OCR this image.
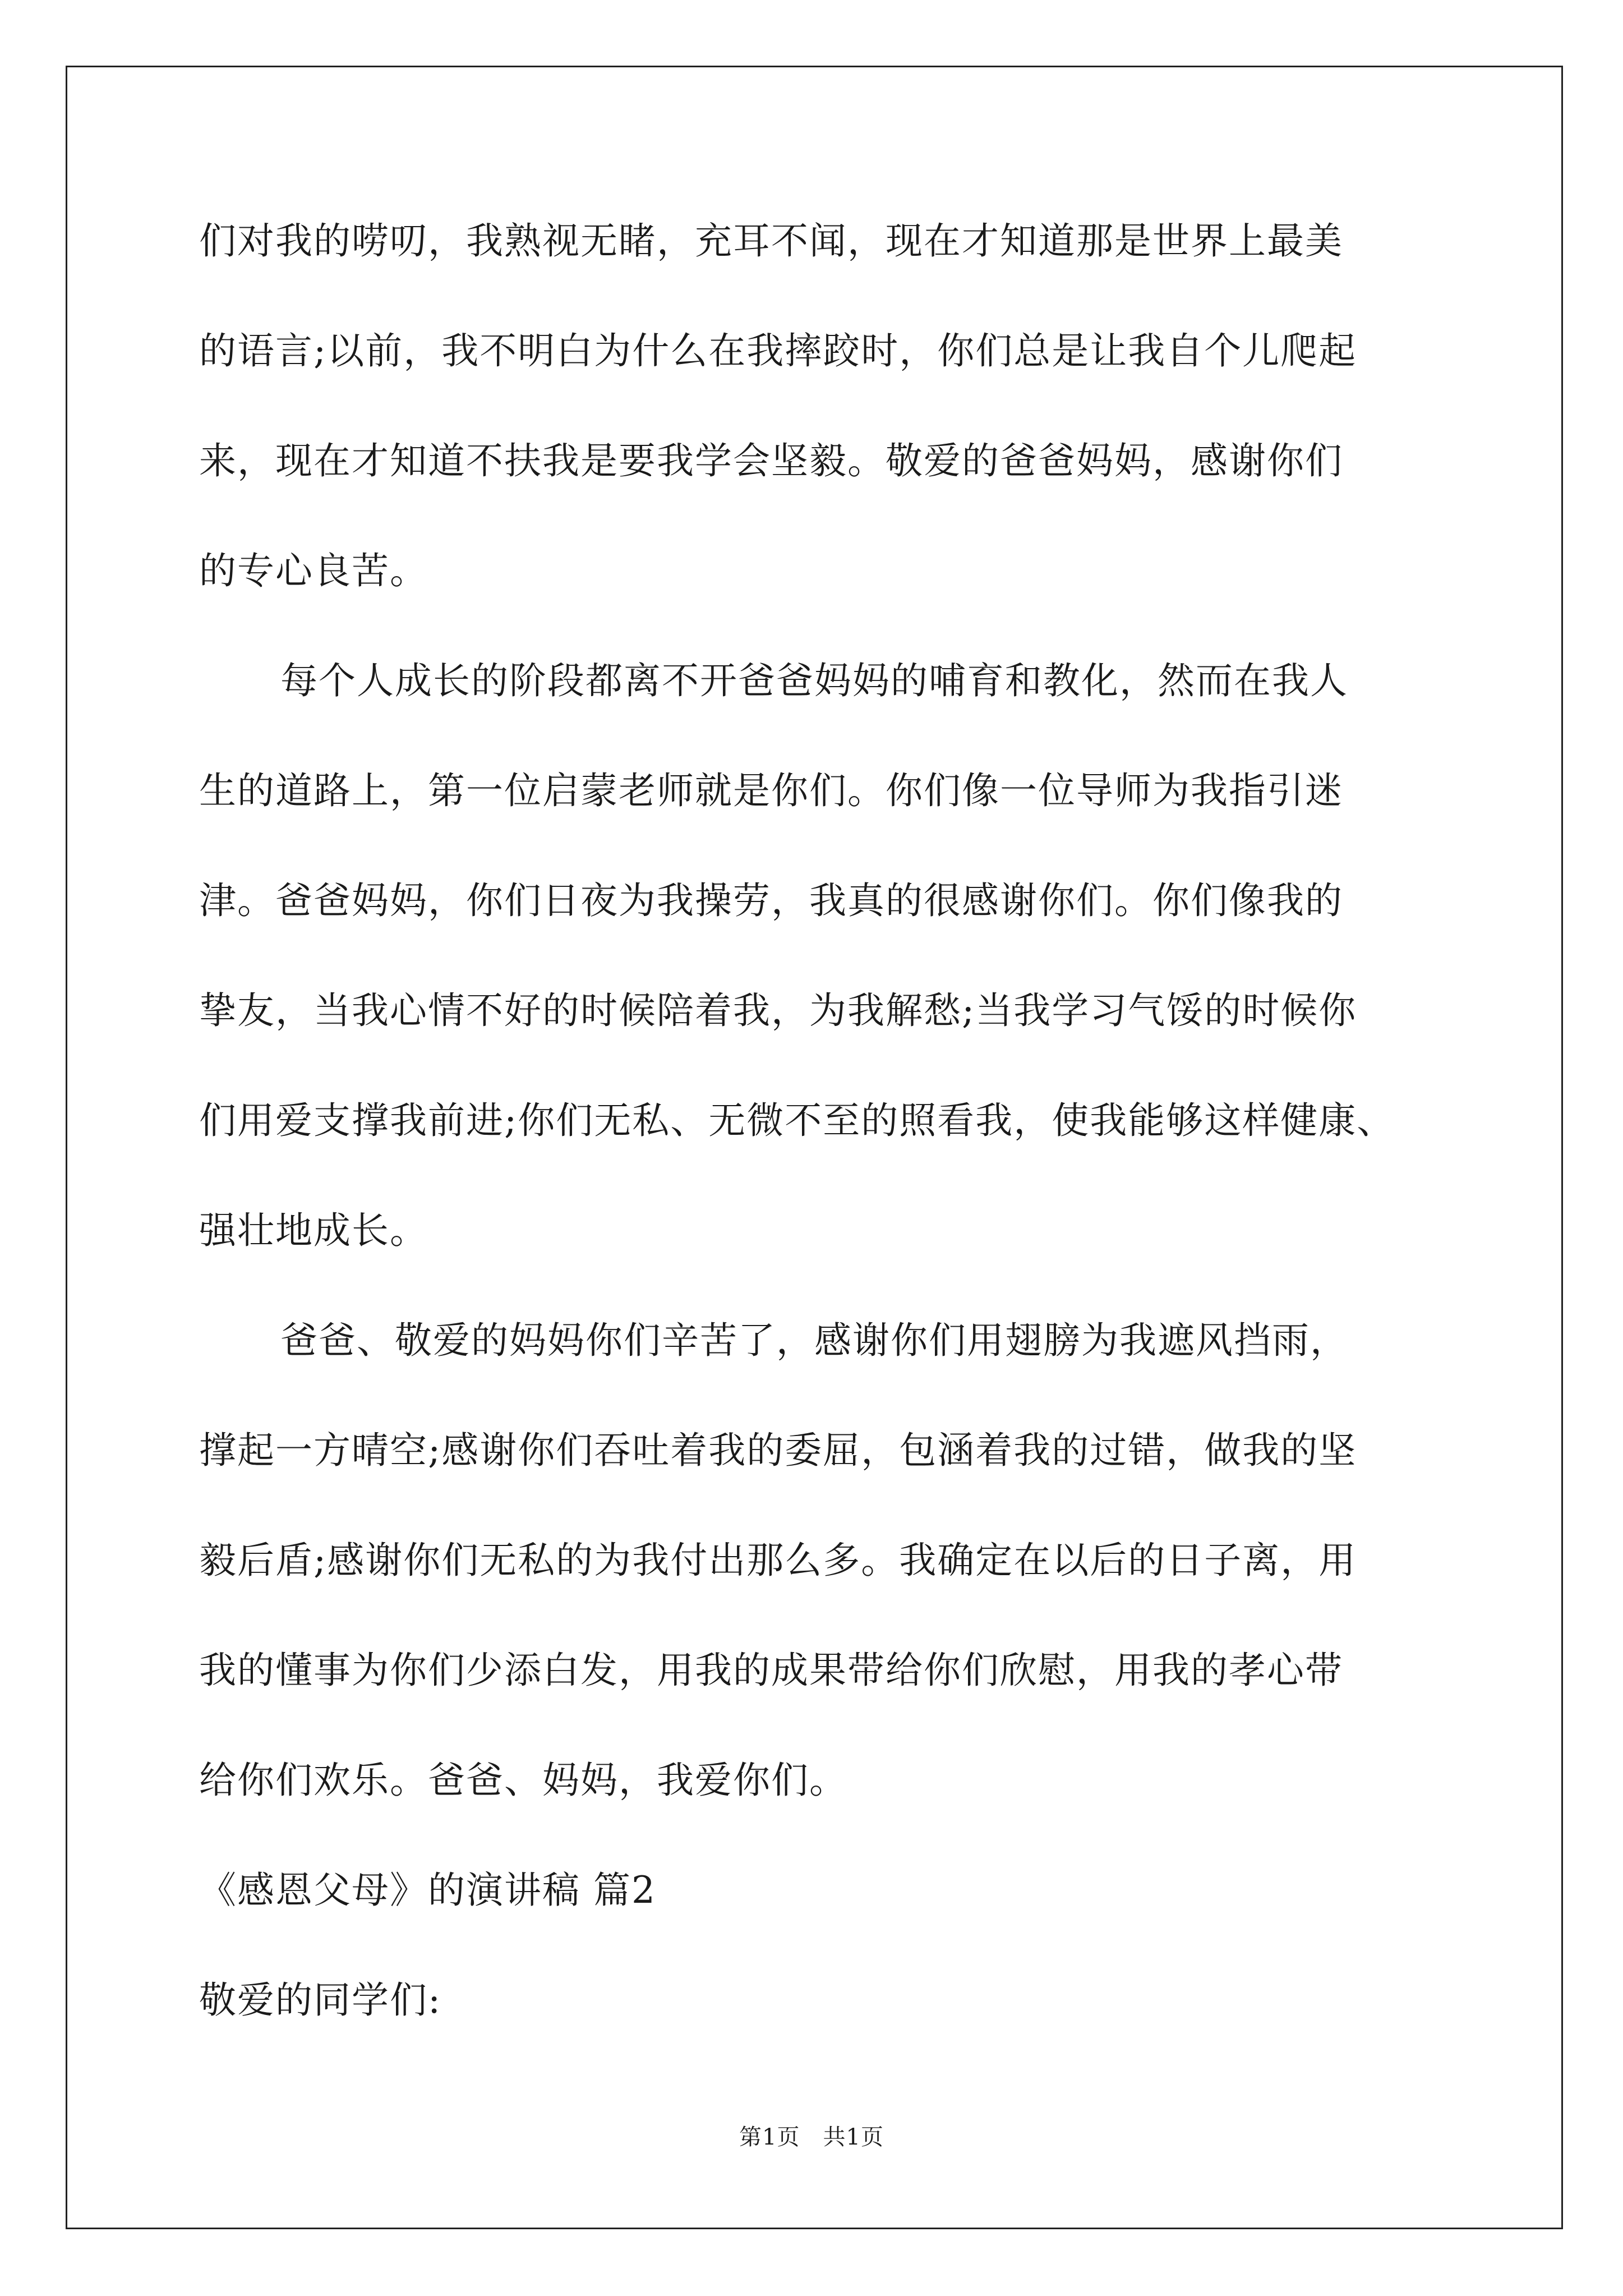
们对我的唠叨，我熟视无睹，充耳不闻，现在才知道那是世界上最美
的语言;以前，我不明白为什么在我摔跤时，你们总是让我自个儿爬起
来，现在才知道不扶我是要我学会坚毅。敬爱的爸爸妈妈，感谢你们
的专心良苦。
每个人成长的阶段都离不开爸爸妈妈的哺育和教化，然而在我人
生的道路上，第一位启蒙老师就是你们。你们像一位导师为我指引迷
津。爸爸妈妈，你们日夜为我操劳，我真的很感谢你们。你们像我的
挚友，当我心情不好的时候陪着我，为我解愁;当我学习气馁的时候你
们用爱支撑我前进;你们无私、无微不至的照看我，使我能够这样健康、
强壮地成长。
爸爸、敬爱的妈妈你们辛苦了，感谢你们用翅膀为我遮风挡雨，
撑起一方晴空;感谢你们吞吐着我的委屈，包涵着我的过错，做我的坚
毅后盾;感谢你们无私的为我付出那么多。我确定在以后的日子离，用
我的懂事为你们少添白发，用我的成果带给你们欣慰，用我的孝心带
给你们欢乐。爸爸、妈妈，我爱你们。
《感恩父母》的演讲稿 篇2
敬爱的同学们:
第1页　共1页
